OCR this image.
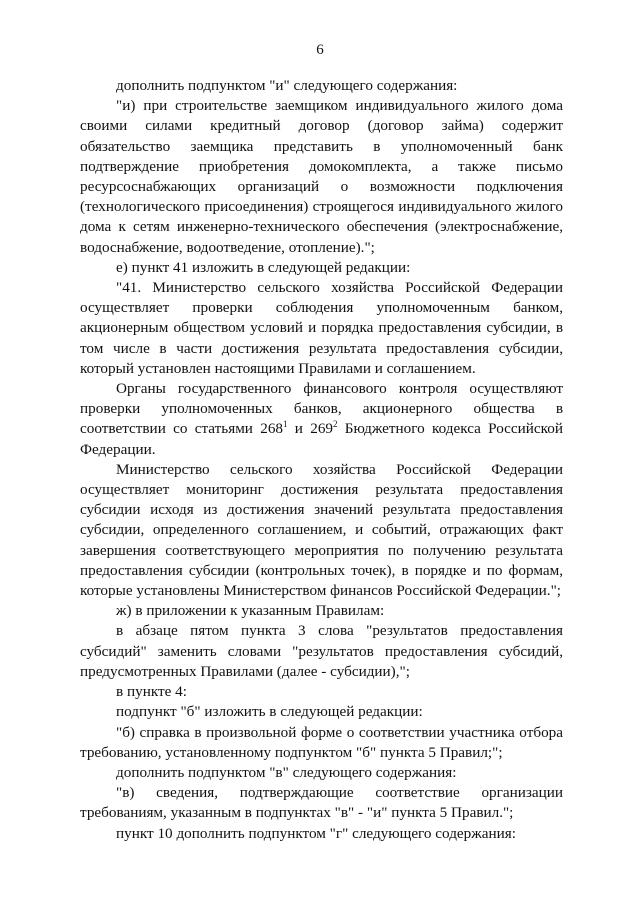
6

дополнить подпунктом "и" следующего содержания:

"и) при строительстве заемщиком индивидуального жилого дома своими силами кредитный договор (договор займа) содержит обязательство заемщика представить в уполномоченный банк подтверждение приобретения домокомплекта, а также письмо ресурсоснабжающих организаций о возможности подключения (технологического присоединения) строящегося индивидуального жилого дома к сетям инженерно-технического обеспечения (электроснабжение, водоснабжение, водоотведение, отопление).";

е) пункт 41 изложить в следующей редакции:

"41. Министерство сельского хозяйства Российской Федерации осуществляет проверки соблюдения уполномоченным банком, акционерным обществом условий и порядка предоставления субсидии, в том числе в части достижения результата предоставления субсидии, который установлен настоящими Правилами и соглашением.

Органы государственного финансового контроля осуществляют проверки уполномоченных банков, акционерного общества в соответствии со статьями $268^1$ и $269^2$ Бюджетного кодекса Российской Федерации.

Министерство сельского хозяйства Российской Федерации осуществляет мониторинг достижения результата предоставления субсидии исходя из достижения значений результата предоставления субсидии, определенного соглашением, и событий, отражающих факт завершения соответствующего мероприятия по получению результата предоставления субсидии (контрольных точек), в порядке и по формам, которые установлены Министерством финансов Российской Федерации.";

ж) в приложении к указанным Правилам:

в абзаце пятом пункта 3 слова "результатов предоставления субсидий" заменить словами "результатов предоставления субсидий, предусмотренных Правилами (далее - субсидии),";

в пункте 4:

подпункт "б" изложить в следующей редакции:

"б) справка в произвольной форме о соответствии участника отбора требованию, установленному подпунктом "б" пункта 5 Правил;";

дополнить подпунктом "в" следующего содержания:

"в) сведения, подтверждающие соответствие организации требованиям, указанным в подпунктах "в" - "и" пункта 5 Правил.";

пункт 10 дополнить подпунктом "г" следующего содержания:
